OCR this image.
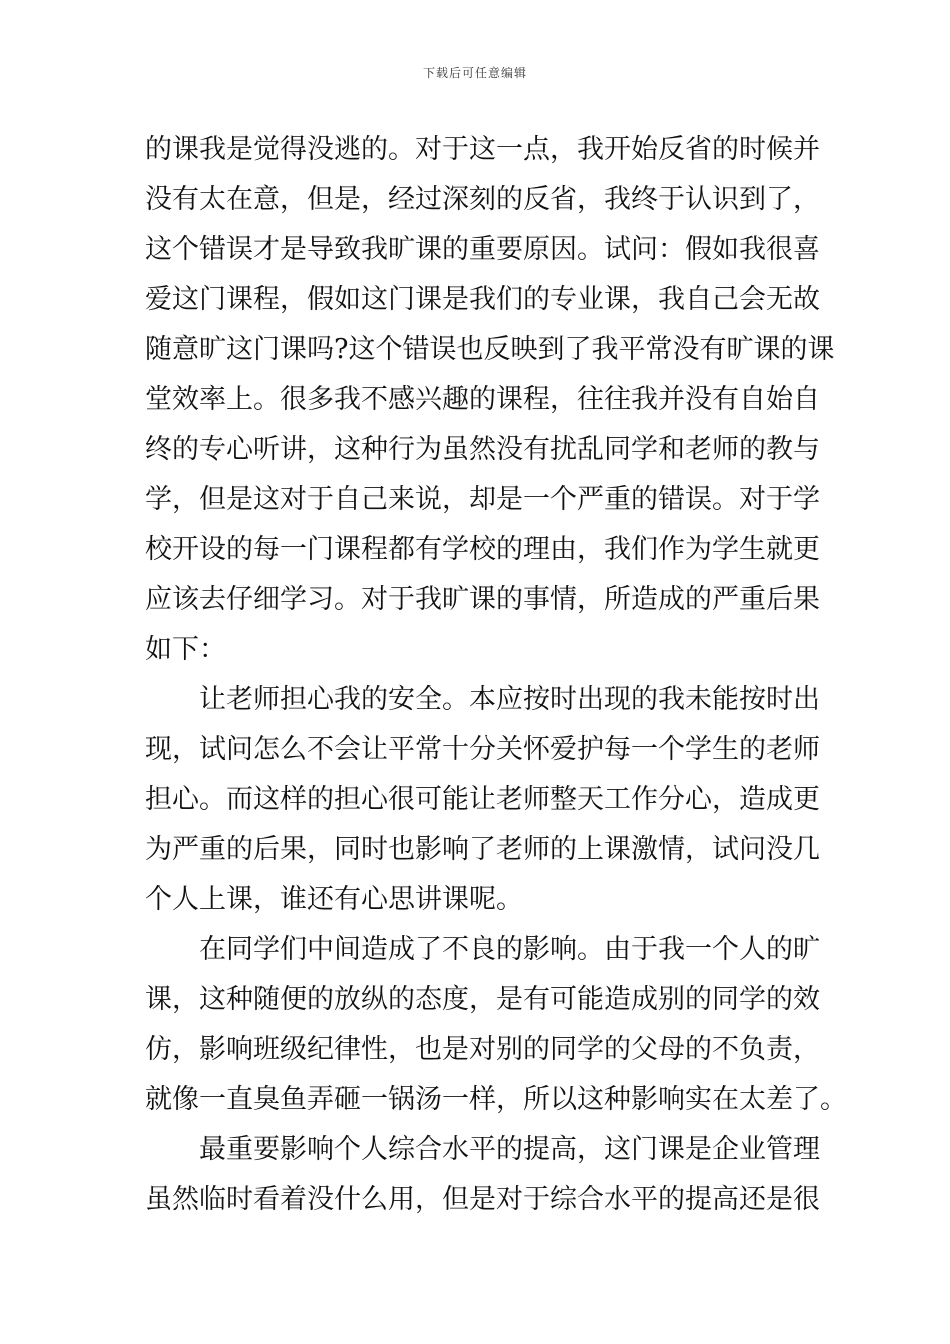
下载后可任意编辑
的课我是觉得没逃的。对于这一点，我开始反省的时候并
没有太在意，但是，经过深刻的反省，我终于认识到了，
这个错误才是导致我旷课的重要原因。试问：假如我很喜
爱这门课程，假如这门课是我们的专业课，我自己会无故
随意旷这门课吗?这个错误也反映到了我平常没有旷课的课
堂效率上。很多我不感兴趣的课程，往往我并没有自始自
终的专心听讲，这种行为虽然没有扰乱同学和老师的教与
学，但是这对于自己来说，却是一个严重的错误。对于学
校开设的每一门课程都有学校的理由，我们作为学生就更
应该去仔细学习。对于我旷课的事情，所造成的严重后果
如下：
让老师担心我的安全。本应按时出现的我未能按时出
现，试问怎么不会让平常十分关怀爱护每一个学生的老师
担心。而这样的担心很可能让老师整天工作分心，造成更
为严重的后果，同时也影响了老师的上课激情，试问没几
个人上课，谁还有心思讲课呢。
在同学们中间造成了不良的影响。由于我一个人的旷
课，这种随便的放纵的态度，是有可能造成别的同学的效
仿，影响班级纪律性，也是对别的同学的父母的不负责，
就像一直臭鱼弄砸一锅汤一样，所以这种影响实在太差了。
最重要影响个人综合水平的提高，这门课是企业管理
虽然临时看着没什么用，但是对于综合水平的提高还是很
